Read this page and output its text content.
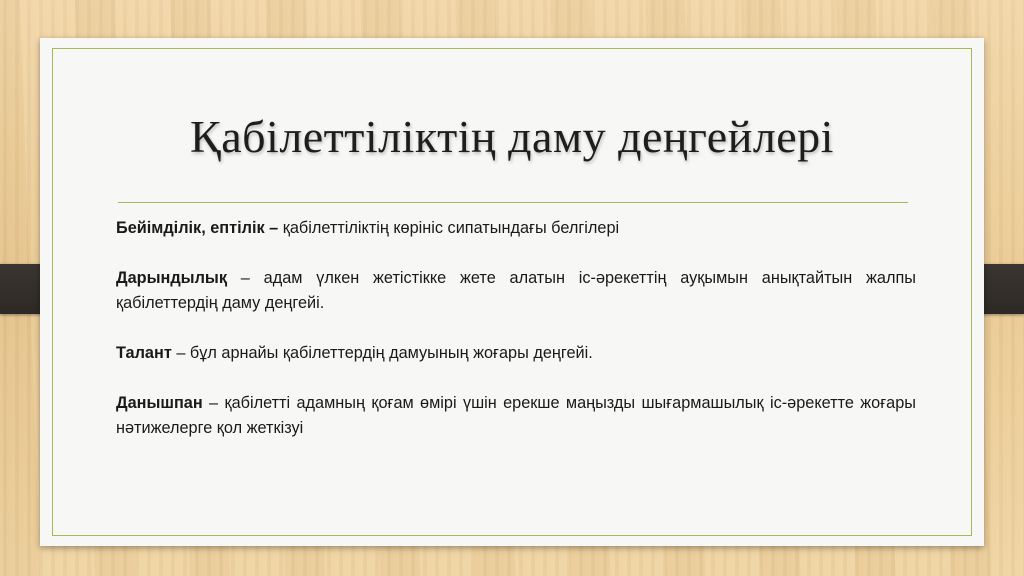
Қабілеттіліктің даму деңгейлері

Бейімділік, ептілік – қабілеттіліктің көрініс сипатындағы белгілері

Дарындылық – адам үлкен жетістікке жете алатын іс-әрекеттің ауқымын анықтайтын жалпы қабілеттердің даму деңгейі.

Талант – бұл арнайы қабілеттердің дамуының жоғары деңгейі.

Данышпан – қабілетті адамның қоғам өмірі үшін ерекше маңызды шығармашылық іс-әрекетте жоғары нәтижелерге қол жеткізуі
